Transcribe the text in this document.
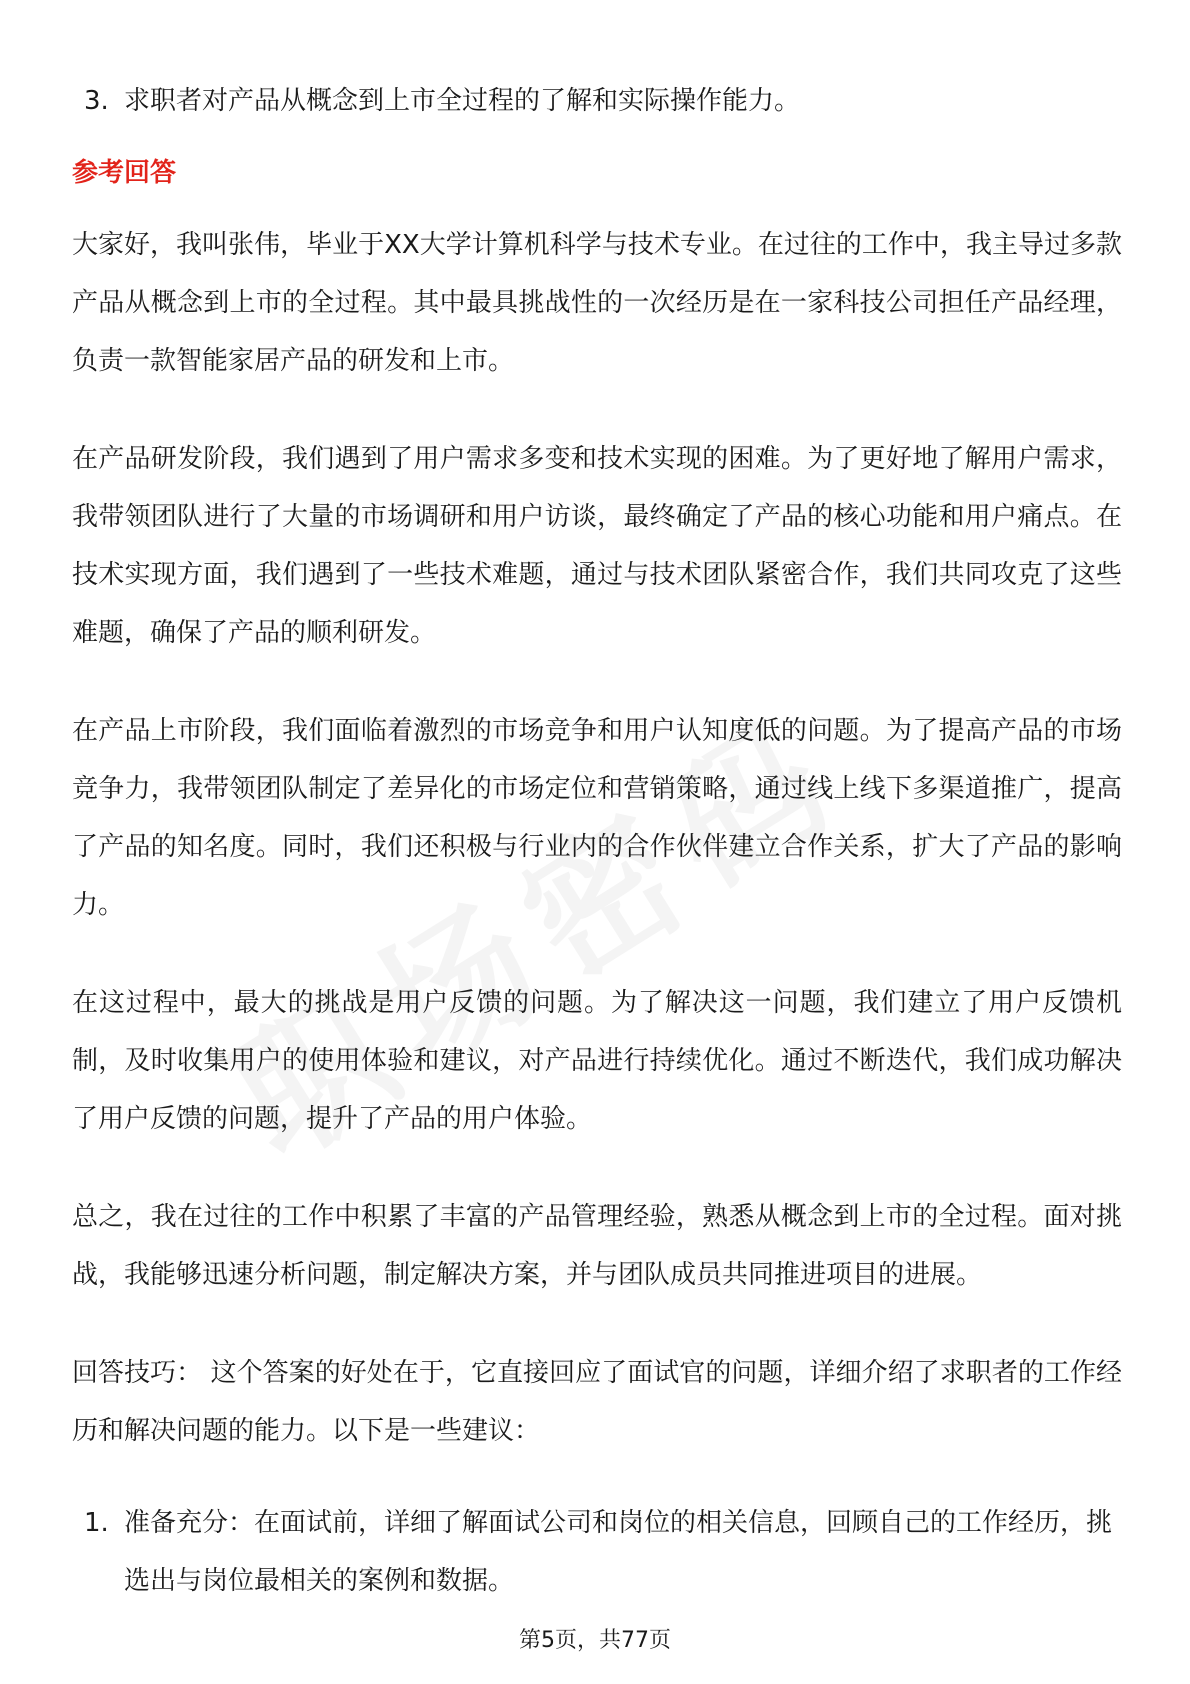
3. 求职者对产品从概念到上市全过程的了解和实际操作能力。
参考回答

大家好，我叫张伟，毕业于XX大学计算机科学与技术专业。在过往的工作中，我主导过多款产品从概念到上市的全过程。其中最具挑战性的一次经历是在一家科技公司担任产品经理，负责一款智能家居产品的研发和上市。

在产品研发阶段，我们遇到了用户需求多变和技术实现的困难。为了更好地了解用户需求，我带领团队进行了大量的市场调研和用户访谈，最终确定了产品的核心功能和用户痛点。在技术实现方面，我们遇到了一些技术难题，通过与技术团队紧密合作，我们共同攻克了这些难题，确保了产品的顺利研发。

在产品上市阶段，我们面临着激烈的市场竞争和用户认知度低的问题。为了提高产品的市场竞争力，我带领团队制定了差异化的市场定位和营销策略，通过线上线下多渠道推广，提高了产品的知名度。同时，我们还积极与行业内的合作伙伴建立合作关系，扩大了产品的影响力。

在这过程中，最大的挑战是用户反馈的问题。为了解决这一问题，我们建立了用户反馈机制，及时收集用户的使用体验和建议，对产品进行持续优化。通过不断迭代，我们成功解决了用户反馈的问题，提升了产品的用户体验。

总之，我在过往的工作中积累了丰富的产品管理经验，熟悉从概念到上市的全过程。面对挑战，我能够迅速分析问题，制定解决方案，并与团队成员共同推进项目的进展。

回答技巧： 这个答案的好处在于，它直接回应了面试官的问题，详细介绍了求职者的工作经历和解决问题的能力。以下是一些建议：

1. 准备充分：在面试前，详细了解面试公司和岗位的相关信息，回顾自己的工作经历，挑选出与岗位最相关的案例和数据。
第5页，共77页
